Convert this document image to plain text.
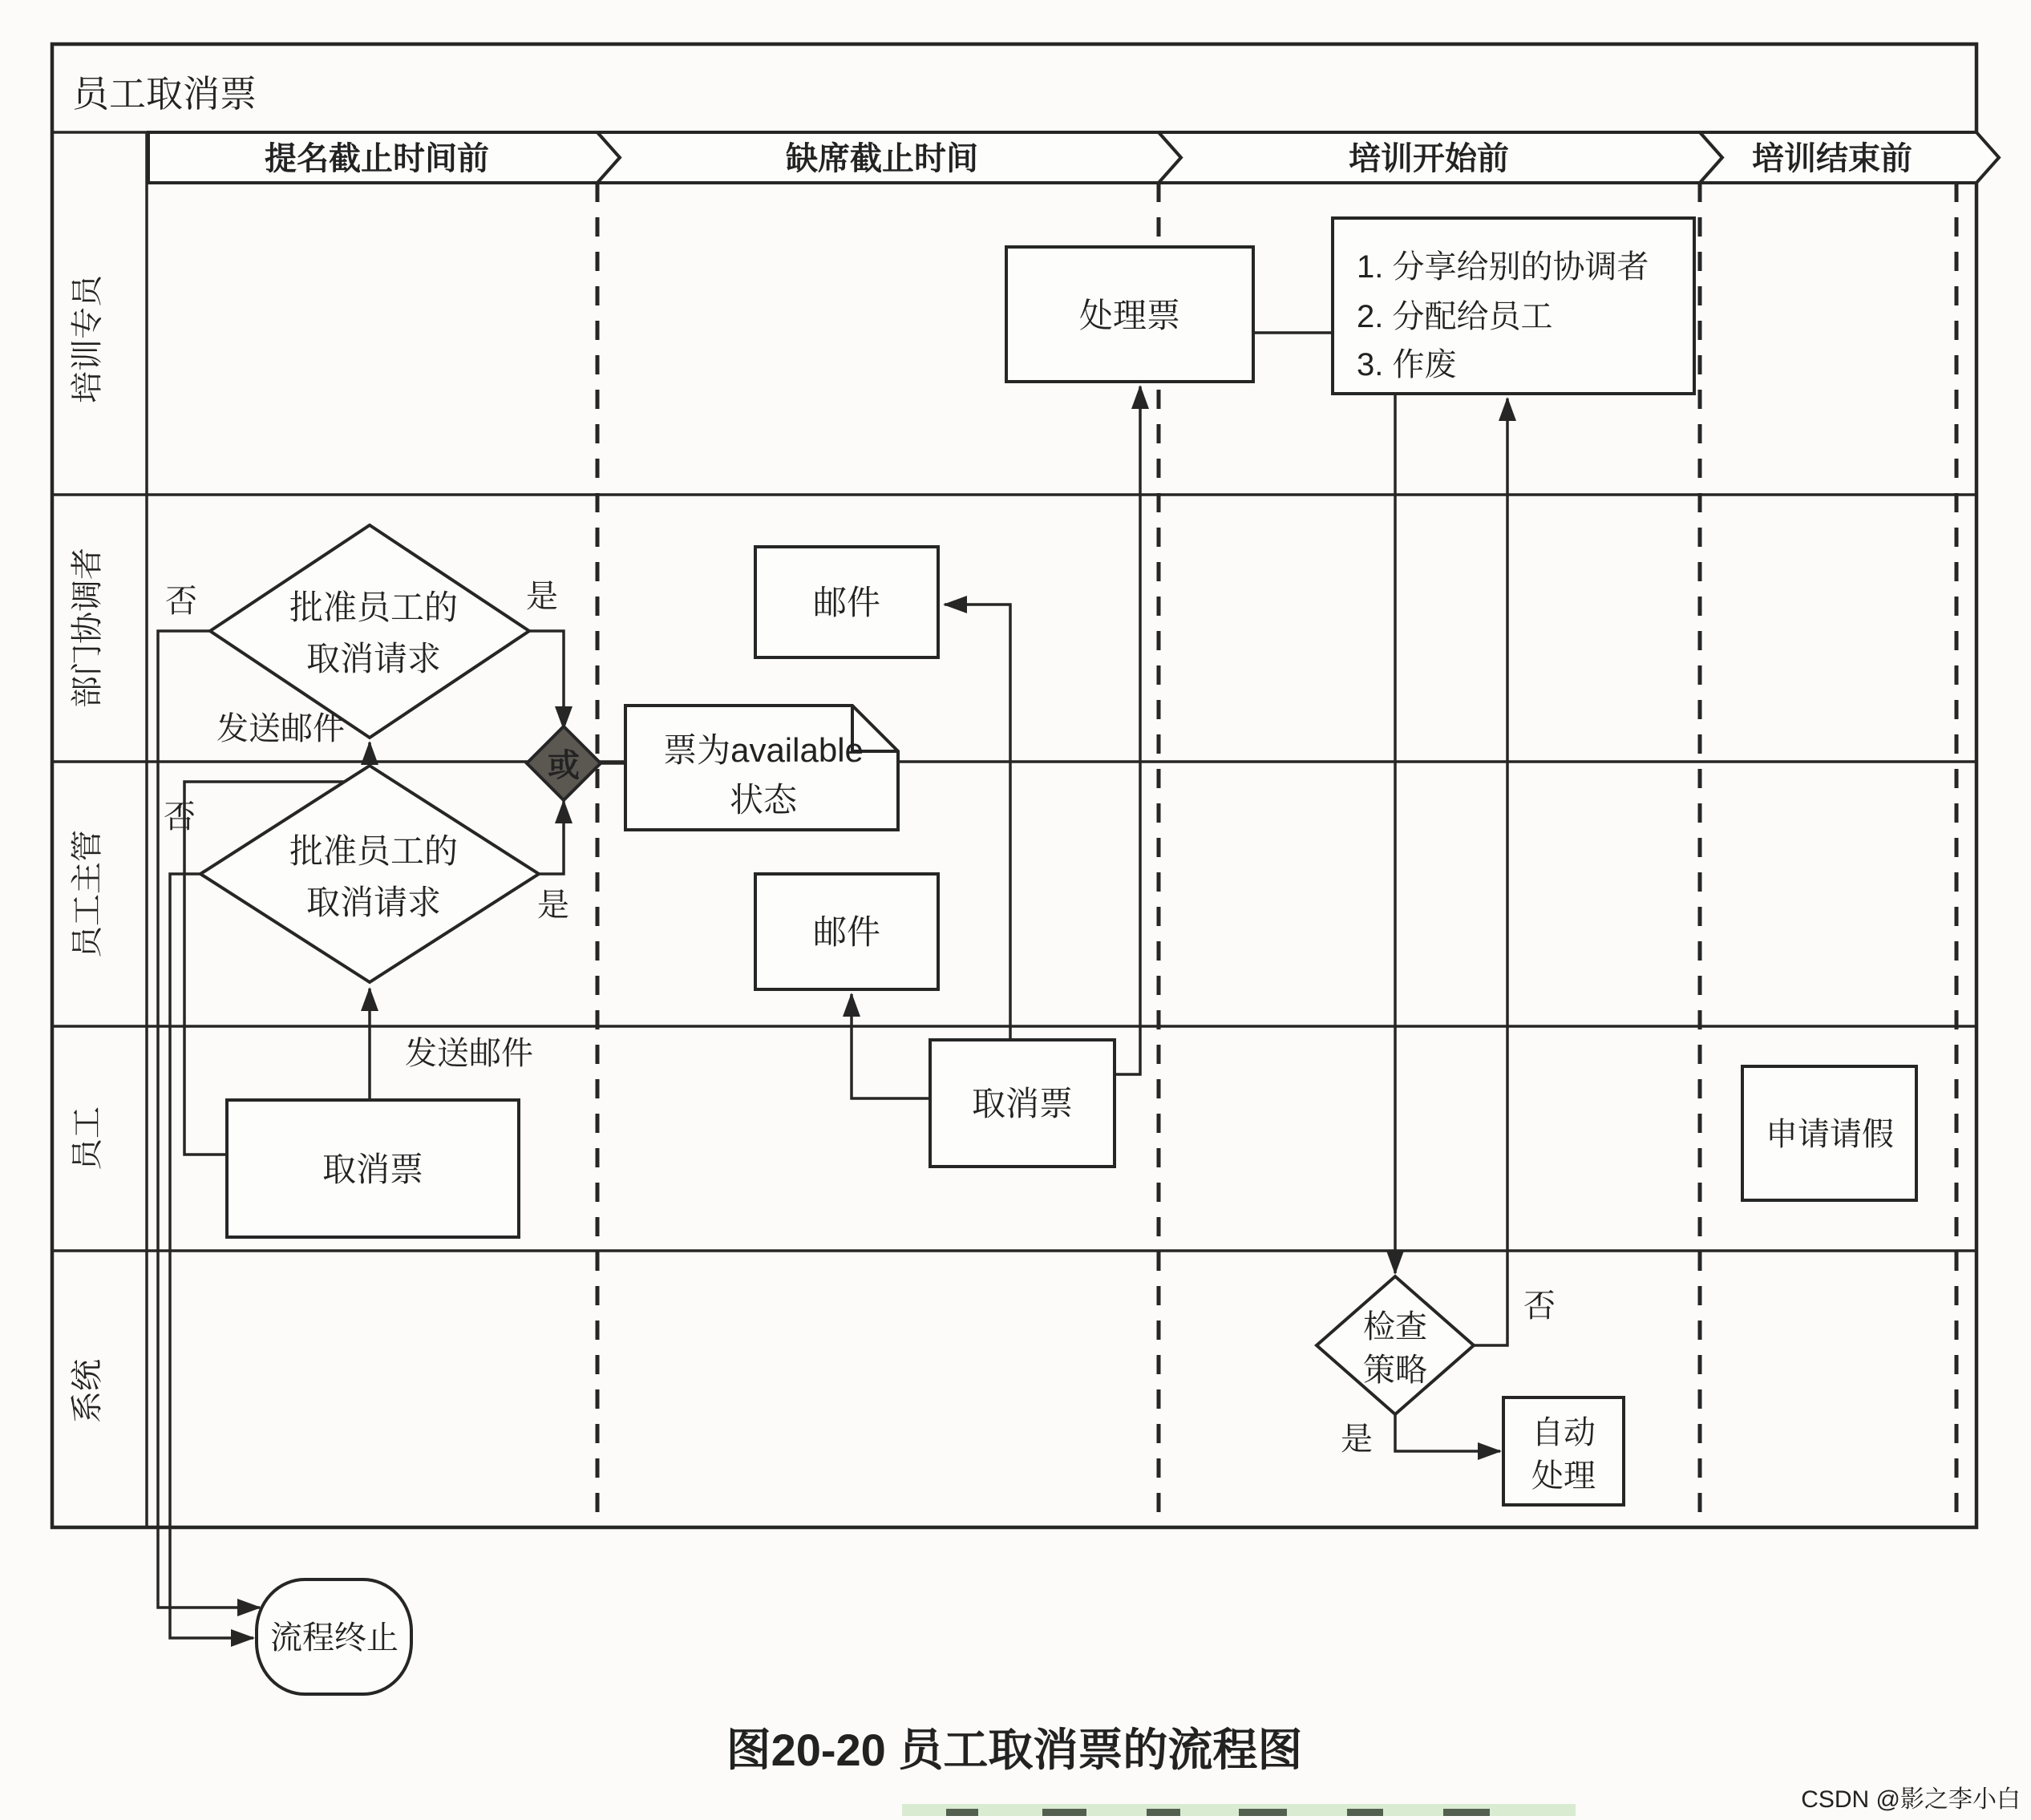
员工取消票
提名截止时间前	缺席截止时间	培训开始前	培训结束前
培训专员
部门协调者
员工主管
员工
系统
处理票
1. 分享给别的协调者
2. 分配给员工
3. 作废
批准员工的
取消请求
批准员工的
取消请求
邮件
邮件
票为available
状态
或
取消票
取消票
申请请假
检查
策略
自动
处理
流程终止
否	是
发送邮件
否
是
发送邮件
否
是
图20-20 员工取消票的流程图
CSDN @影之李小白
